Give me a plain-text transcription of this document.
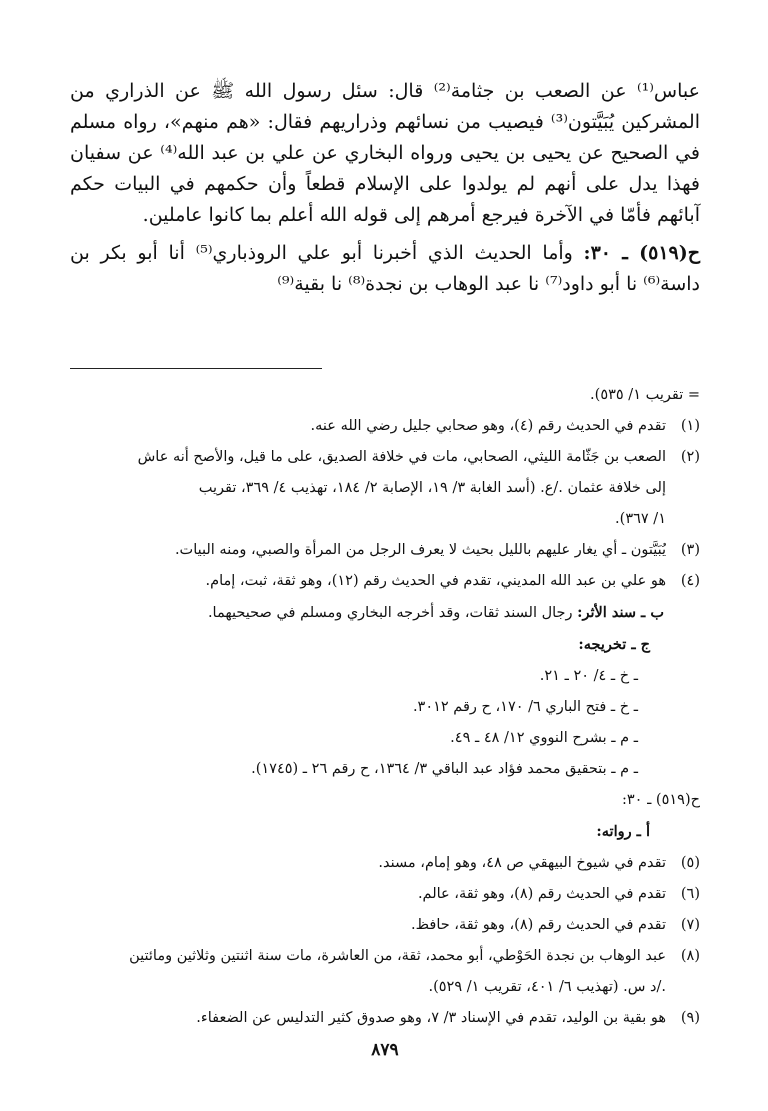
عباس⁽¹⁾ عن الصعب بن جثامة⁽²⁾ قال: سئل رسول الله ﷺ عن الذراري من المشركين يُبَيَّتون⁽³⁾ فيصيب من نسائهم وذراريهم فقال: «هم منهم»، رواه مسلم في الصحيح عن يحيى بن يحيى ورواه البخاري عن علي بن عبد الله⁽⁴⁾ عن سفيان فهذا يدل على أنهم لم يولدوا على الإسلام قطعاً وأن حكمهم في البيات حكم آبائهم فأمّا في الآخرة فيرجع أمرهم إلى قوله الله أعلم بما كانوا عاملين.

ح(٥١٩) ـ ٣٠: وأما الحديث الذي أخبرنا أبو علي الروذباري⁽⁵⁾ أنا أبو بكر بن داسة⁽⁶⁾ نا أبو داود⁽⁷⁾ نا عبد الوهاب بن نجدة⁽⁸⁾ نا بقية⁽⁹⁾

= تقريب ١/ ٥٣٥).
(١)
تقدم في الحديث رقم (٤)، وهو صحابي جليل رضي الله عنه.
(٢)
الصعب بن جَثّامة الليثي، الصحابي، مات في خلافة الصديق، على ما قيل، والأصح أنه عاش
إلى خلافة عثمان ./ع. (أسد الغابة ٣/ ١٩، الإصابة ٢/ ١٨٤، تهذيب ٤/ ٣٦٩، تقريب
١/ ٣٦٧).
(٣)
يُبَيَّتون ـ أي يغار عليهم بالليل بحيث لا يعرف الرجل من المرأة والصبي، ومنه البيات.
(٤)
هو علي بن عبد الله المديني، تقدم في الحديث رقم (١٢)، وهو ثقة، ثبت، إمام.
ب ـ سند الأثر: رجال السند ثقات، وقد أخرجه البخاري ومسلم في صحيحيهما.
ج ـ تخريجه:
ـ خ ـ ٤/ ٢٠ ـ ٢١.
ـ خ ـ فتح الباري ٦/ ١٧٠، ح رقم ٣٠١٢.
ـ م ـ بشرح النووي ١٢/ ٤٨ ـ ٤٩.
ـ م ـ بتحقيق محمد فؤاد عبد الباقي ٣/ ١٣٦٤، ح رقم ٢٦ ـ (١٧٤٥).
ح(٥١٩) ـ ٣٠:
أ ـ رواته:
(٥)
تقدم في شيوخ البيهقي ص ٤٨، وهو إمام، مسند.
(٦)
تقدم في الحديث رقم (٨)، وهو ثقة، عالم.
(٧)
تقدم في الحديث رقم (٨)، وهو ثقة، حافظ.
(٨)
عبد الوهاب بن نجدة الحَوْطي، أبو محمد، ثقة، من العاشرة، مات سنة اثنتين وثلاثين ومائتين
./د س. (تهذيب ٦/ ٤٠١، تقريب ١/ ٥٢٩).
(٩)
هو بقية بن الوليد، تقدم في الإسناد ٣/ ٧، وهو صدوق كثير التدليس عن الضعفاء.
٨٧٩
